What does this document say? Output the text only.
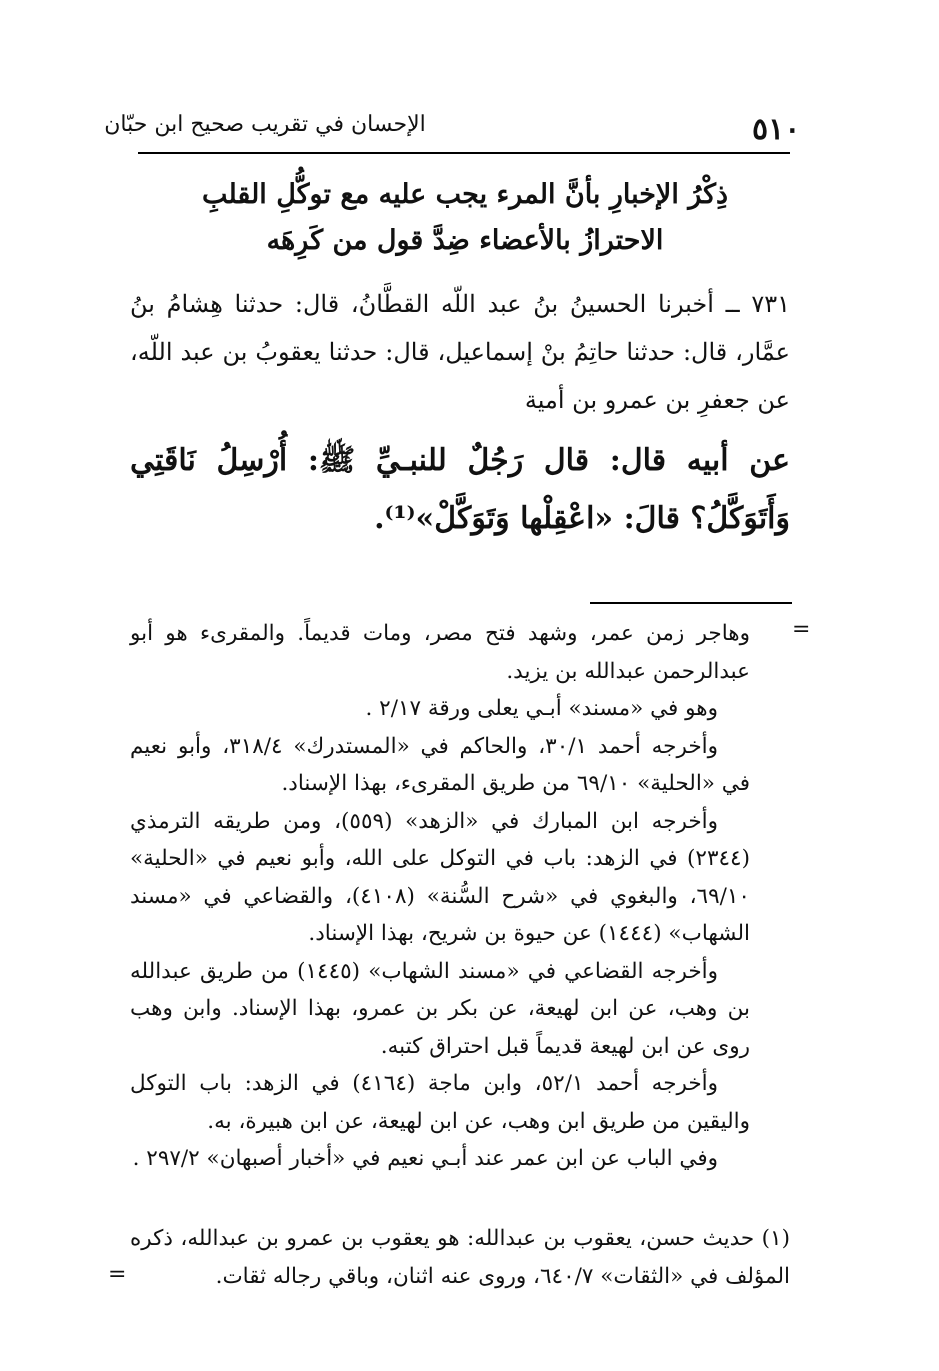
٥١٠
الإحسان في تقريب صحيح ابن حبّان
ذِكْرُ الإخبارِ بأنَّ المرء يجب عليه مع توكُّلِ القلبِ
الاحترازُ بالأعضاء ضِدَّ قول من كَرِهَه
٧٣١ ــ أخبرنا الحسينُ بنُ عبد اللّه القطَّانُ، قال: حدثنا هِشامُ بنُ عمَّار، قال: حدثنا حاتِمُ بنْ إسماعيل، قال: حدثنا يعقوبُ بن عبد اللّه، عن جعفرِ بن عمرو بن أمية
عن أبيه قال: قال رَجُلٌ للنبـيِّ ﷺ: أُرْسِلُ نَاقَتِي وَأَتَوَكَّلُ؟ قالَ: «اعْقِلْها وَتَوَكَّلْ»⁽¹⁾.
=

وهاجر زمن عمر، وشهد فتح مصر، ومات قديماً. والمقرىء هو أبو عبدالرحمن عبدالله بن يزيد.

وهو في «مسند» أبـي يعلى ورقة ٢/١٧ .

وأخرجه أحمد ٣٠/١، والحاكم في «المستدرك» ٣١٨/٤، وأبو نعيم في «الحلية» ٦٩/١٠ من طريق المقرىء، بهذا الإسناد.

وأخرجه ابن المبارك في «الزهد» (٥٥٩)، ومن طريقه الترمذي (٢٣٤٤) في الزهد: باب في التوكل على الله، وأبو نعيم في «الحلية» ٦٩/١٠، والبغوي في «شرح السُّنة» (٤١٠٨)، والقضاعي في «مسند الشهاب» (١٤٤٤) عن حيوة بن شريح، بهذا الإسناد.

وأخرجه القضاعي في «مسند الشهاب» (١٤٤٥) من طريق عبدالله بن وهب، عن ابن لهيعة، عن بكر بن عمرو، بهذا الإسناد. وابن وهب روى عن ابن لهيعة قديماً قبل احتراق كتبه.

وأخرجه أحمد ٥٢/١، وابن ماجة (٤١٦٤) في الزهد: باب التوكل واليقين من طريق ابن وهب، عن ابن لهيعة، عن ابن هبيرة، به.

وفي الباب عن ابن عمر عند أبـي نعيم في «أخبار أصبهان» ٢٩٧/٢ .

(١) حديث حسن، يعقوب بن عبدالله: هو يعقوب بن عمرو بن عبدالله، ذكره المؤلف في «الثقات» ٦٤٠/٧، وروى عنه اثنان، وباقي رجاله ثقات.
=
